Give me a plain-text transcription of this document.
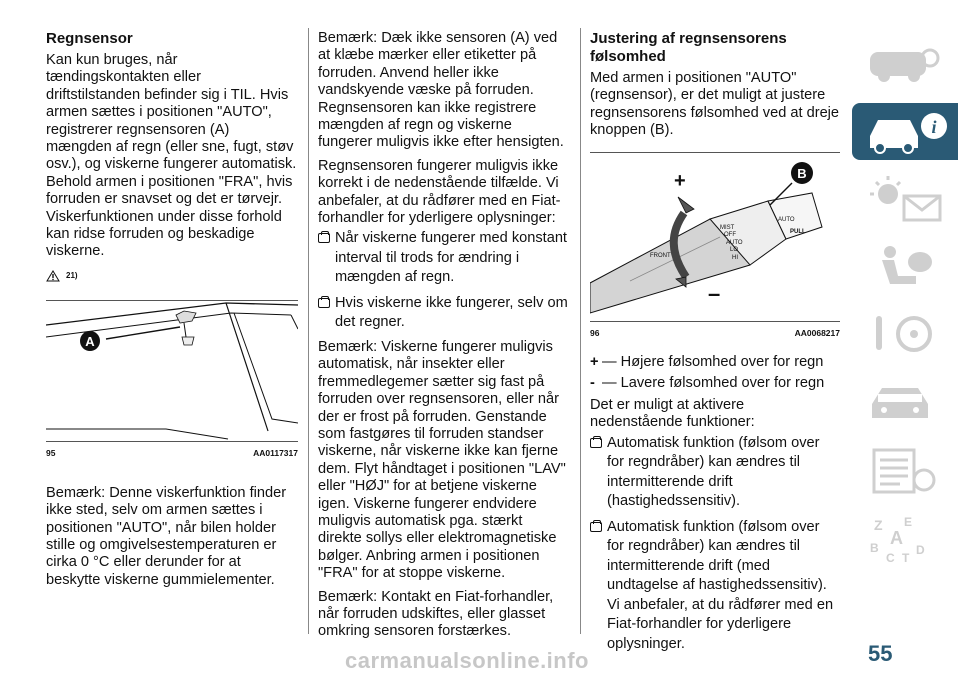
Regnsensor

Kan kun bruges, når tændingskontakten eller driftstilstanden befinder sig i TIL. Hvis armen sættes i positionen "AUTO", registrerer regnsensoren (A) mængden af regn (eller sne, fugt, støv osv.), og viskerne fungerer automatisk. Behold armen i positionen "FRA", hvis forruden er snavset og det er tørvejr. Viskerfunktionen under disse forhold kan ridse forruden og beskadige viskerne.

21)
A
95	AA0117317

Bemærk: Denne viskerfunktion finder ikke sted, selv om armen sættes i positionen "AUTO", når bilen holder stille og omgivelsestemperaturen er cirka 0 °C eller derunder for at beskytte viskerne gummielementer.

Bemærk: Dæk ikke sensoren (A) ved at klæbe mærker eller etiketter på forruden. Anvend heller ikke vandskyende væske på forruden. Regnsensoren kan ikke registrere mængden af regn og viskerne fungerer muligvis ikke efter hensigten.

Regnsensoren fungerer muligvis ikke korrekt i de nedenstående tilfælde. Vi anbefaler, at du rådfører med en Fiat-forhandler for yderligere oplysninger:

Når viskerne fungerer med konstant interval til trods for ændring i mængden af regn.
Hvis viskerne ikke fungerer, selv om det regner.

Bemærk: Viskerne fungerer muligvis automatisk, når insekter eller fremmedlegemer sætter sig fast på forruden over regnsensoren, eller når der er frost på forruden. Genstande som fastgøres til forruden standser viskerne, når viskerne ikke kan fjerne dem. Flyt håndtaget i positionen "LAV" eller "HØJ" for at betjene viskerne igen. Viskerne fungerer endvidere muligvis automatisk pga. stærkt direkte sollys eller elektromagnetiske bølger. Anbring armen i positionen "FRA" for at stoppe viskerne.

Bemærk: Kontakt en Fiat-forhandler, når forruden udskiftes, eller glasset omkring sensoren forstærkes.

Justering af regnsensorens følsomhed

Med armen i positionen "AUTO" (regnsensor), er det muligt at justere regnsensorens følsomhed ved at dreje knoppen (B).

+
–
FRONT
MIST
OFF
AUTO
LO
HI
AUTO
PULL
B
96	AA0068217
+ — Højere følsomhed over for regn
- — Lavere følsomhed over for regn

Det er muligt at aktivere nedenstående funktioner:

Automatisk funktion (følsom over for regndråber) kan ændres til intermitterende drift (hastighedssensitiv).
Automatisk funktion (følsom over for regndråber) kan ændres til intermitterende drift (med undtagelse af hastighedssensitiv). Vi anbefaler, at du rådfører med en Fiat-forhandler for yderligere oplysninger.
i
Z E
A
B	D
C T
55
carmanualsonline.info
